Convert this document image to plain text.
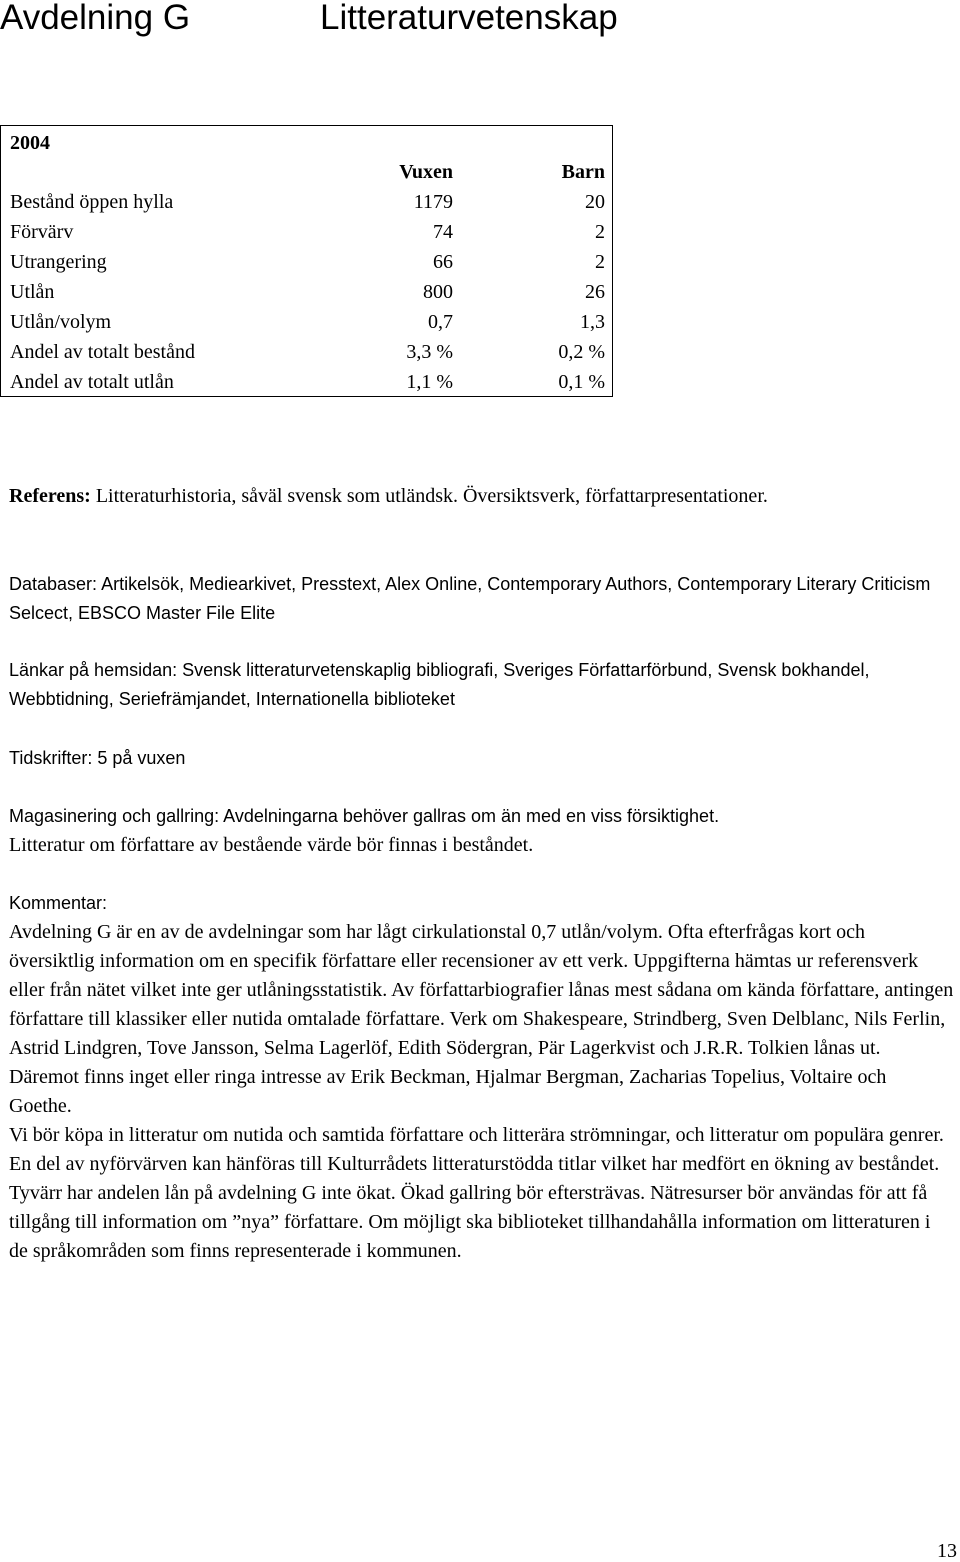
Avdelning G	Litteraturvetenskap
2004
	Vuxen	Barn
Bestånd öppen hylla	1179	20
Förvärv	74	2
Utrangering	66	2
Utlån	800	26
Utlån/volym	0,7	1,3
Andel av totalt bestånd	3,3 %	0,2 %
Andel av totalt utlån	1,1 %	0,1 %

Referens: Litteraturhistoria, såväl svensk som utländsk. Översiktsverk, författarpresentationer.

Databaser: Artikelsök, Mediearkivet, Presstext, Alex Online, Contemporary Authors, Contemporary Literary Criticism Selcect, EBSCO Master File Elite

Länkar på hemsidan: Svensk litteraturvetenskaplig bibliografi, Sveriges Författarförbund, Svensk bokhandel, Webbtidning, Seriefrämjandet, Internationella biblioteket

Tidskrifter: 5 på vuxen

Magasinering och gallring: Avdelningarna behöver gallras om än med en viss försiktighet.
Litteratur om författare av bestående värde bör finnas i beståndet.

Kommentar:
Avdelning G är en av de avdelningar som har lågt cirkulationstal 0,7 utlån/volym. Ofta efterfrågas kort och översiktlig information om en specifik författare eller recensioner av ett verk. Uppgifterna hämtas ur referensverk eller från nätet vilket inte ger utlåningsstatistik. Av författarbiografier lånas mest sådana om kända författare, antingen författare till klassiker eller nutida omtalade författare. Verk om Shakespeare, Strindberg, Sven Delblanc, Nils Ferlin, Astrid Lindgren, Tove Jansson, Selma Lagerlöf, Edith Södergran, Pär Lagerkvist och J.R.R. Tolkien lånas ut. Däremot finns inget eller ringa intresse av Erik Beckman, Hjalmar Bergman, Zacharias Topelius, Voltaire och Goethe.
Vi bör köpa in litteratur om nutida och samtida författare och litterära strömningar, och litteratur om populära genrer. En del av nyförvärven kan hänföras till Kulturrådets litteraturstödda titlar vilket har medfört en ökning av beståndet. Tyvärr har andelen lån på avdelning G inte ökat. Ökad gallring bör eftersträvas. Nätresurser bör användas för att få tillgång till information om ”nya” författare. Om möjligt ska biblioteket tillhandahålla information om litteraturen i de språkområden som finns representerade i kommunen.

13
